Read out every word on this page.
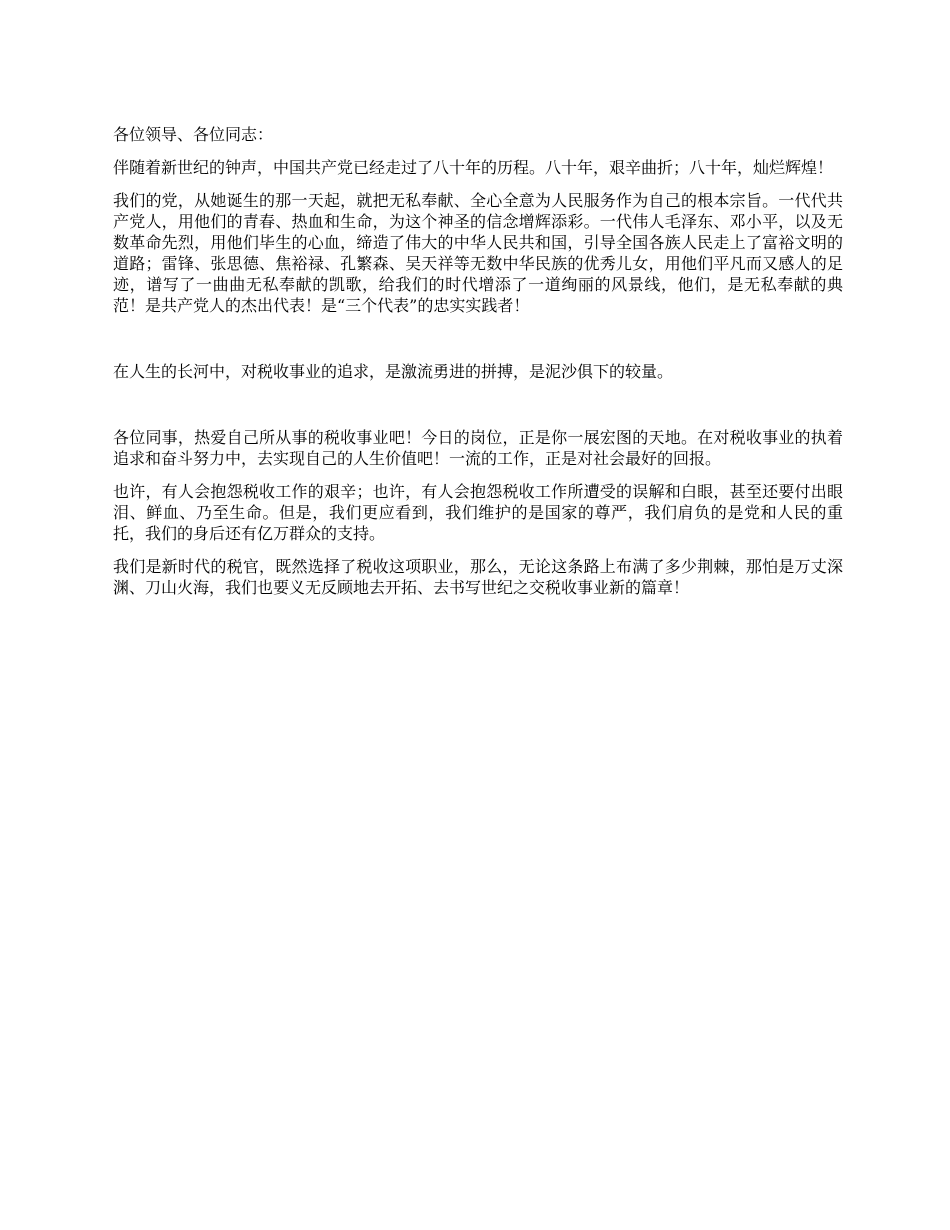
各位领导、各位同志：

伴随着新世纪的钟声，中国共产党已经走过了八十年的历程。八十年，艰辛曲折；八十年，灿烂辉煌！

我们的党，从她诞生的那一天起，就把无私奉献、全心全意为人民服务作为自己的根本宗旨。一代代共产党人，用他们的青春、热血和生命，为这个神圣的信念增辉添彩。一代伟人毛泽东、邓小平，以及无数革命先烈，用他们毕生的心血，缔造了伟大的中华人民共和国，引导全国各族人民走上了富裕文明的道路；雷锋、张思德、焦裕禄、孔繁森、吴天祥等无数中华民族的优秀儿女，用他们平凡而又感人的足迹，谱写了一曲曲无私奉献的凯歌，给我们的时代增添了一道绚丽的风景线，他们，是无私奉献的典范！是共产党人的杰出代表！是“三个代表”的忠实实践者！

在人生的长河中，对税收事业的追求，是激流勇进的拼搏，是泥沙俱下的较量。

各位同事，热爱自己所从事的税收事业吧！今日的岗位，正是你一展宏图的天地。在对税收事业的执着追求和奋斗努力中，去实现自己的人生价值吧！一流的工作，正是对社会最好的回报。

也许，有人会抱怨税收工作的艰辛；也许，有人会抱怨税收工作所遭受的误解和白眼，甚至还要付出眼泪、鲜血、乃至生命。但是，我们更应看到，我们维护的是国家的尊严，我们肩负的是党和人民的重托，我们的身后还有亿万群众的支持。

我们是新时代的税官，既然选择了税收这项职业，那么，无论这条路上布满了多少荆棘，那怕是万丈深渊、刀山火海，我们也要义无反顾地去开拓、去书写世纪之交税收事业新的篇章！
